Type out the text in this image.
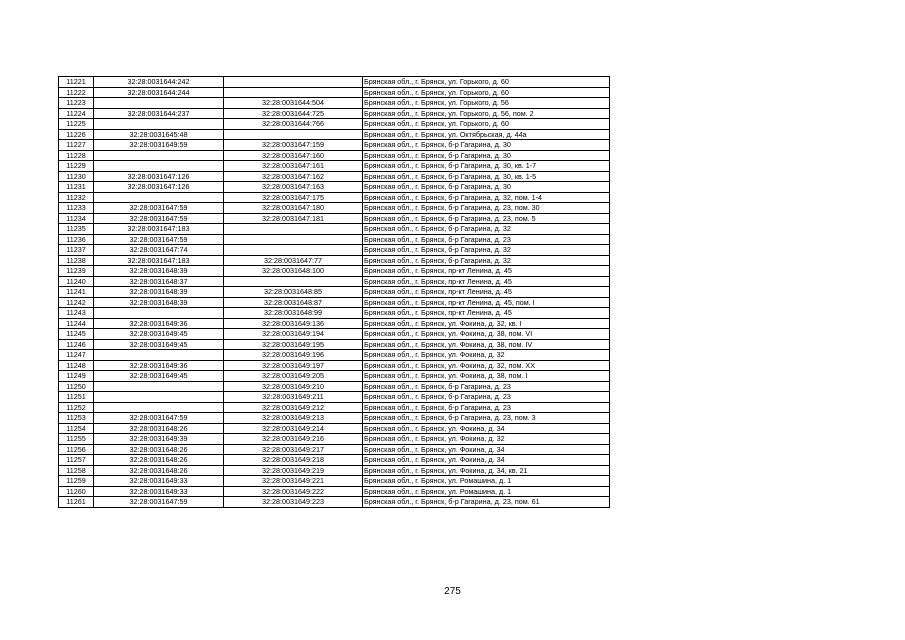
11221	32:28:0031644:242		Брянская обл., г. Брянск, ул. Горького, д. 60
11222	32:28:0031644:244		Брянская обл., г. Брянск, ул. Горького, д. 60
11223		32:28:0031644:504	Брянская обл., г. Брянск, ул. Горького, д. 56
11224	32:28:0031644:237	32:28:0031644:725	Брянская обл., г. Брянск, ул. Горького, д. 56, пом. 2
11225		32:28:0031644:766	Брянская обл., г. Брянск, ул. Горького, д. 60
11226	32:28:0031645:48		Брянская обл., г. Брянск, ул. Октябрьская, д. 44а
11227	32:28:0031649:59	32:28:0031647:159	Брянская обл., г. Брянск, б-р Гагарина, д. 30
11228		32:28:0031647:160	Брянская обл., г. Брянск, б-р Гагарина, д. 30
11229		32:28:0031647:161	Брянская обл., г. Брянск, б-р Гагарина, д. 30, кв. 1-7
11230	32:28:0031647:126	32:28:0031647:162	Брянская обл., г. Брянск, б-р Гагарина, д. 30, кв. 1-5
11231	32:28:0031647:126	32:28:0031647:163	Брянская обл., г. Брянск, б-р Гагарина, д. 30
11232		32:28:0031647:175	Брянская обл., г. Брянск, б-р Гагарина, д. 32, пом. 1-4
11233	32:28:0031647:59	32:28:0031647:180	Брянская обл., г. Брянск, б-р Гагарина, д. 23, пом. 30
11234	32:28:0031647:59	32:28:0031647:181	Брянская обл., г. Брянск, б-р Гагарина, д. 23, пом. 5
11235	32:28:0031647:183		Брянская обл., г. Брянск, б-р Гагарина, д. 32
11236	32:28:0031647:59		Брянская обл., г. Брянск, б-р Гагарина, д. 23
11237	32:28:0031647:74		Брянская обл., г. Брянск, б-р Гагарина, д. 32
11238	32:28:0031647:183	32:28:0031647:77	Брянская обл., г. Брянск, б-р Гагарина, д. 32
11239	32:28:0031648:39	32:28:0031648:100	Брянская обл., г. Брянск, пр-кт Ленина, д. 45
11240	32:28:0031648:37		Брянская обл., г. Брянск, пр-кт Ленина, д. 45
11241	32:28:0031648:39	32:28:0031648:85	Брянская обл., г. Брянск, пр-кт Ленина, д. 45
11242	32:28:0031648:39	32:28:0031648:87	Брянская обл., г. Брянск, пр-кт Ленина, д. 45, пом. I
11243		32:28:0031648:99	Брянская обл., г. Брянск, пр-кт Ленина, д. 45
11244	32:28:0031649:36	32:28:0031649:136	Брянская обл., г. Брянск, ул. Фокина, д. 32, кв. I
11245	32:28:0031649:45	32:28:0031649:194	Брянская обл., г. Брянск, ул. Фокина, д. 38, пом. VI
11246	32:28:0031649:45	32:28:0031649:195	Брянская обл., г. Брянск, ул. Фокина, д. 38, пом. IV
11247		32:28:0031649:196	Брянская обл., г. Брянск, ул. Фокина, д. 32
11248	32:28:0031649:36	32:28:0031649:197	Брянская обл., г. Брянск, ул. Фокина, д. 32, пом. XX
11249	32:28:0031649:45	32:28:0031649:205	Брянская обл., г. Брянск, ул. Фокина, д. 38, пом. I
11250		32:28:0031649:210	Брянская обл., г. Брянск, б-р Гагарина, д. 23
11251		32:28:0031649:211	Брянская обл., г. Брянск, б-р Гагарина, д. 23
11252		32:28:0031649:212	Брянская обл., г. Брянск, б-р Гагарина, д. 23
11253	32:28:0031647:59	32:28:0031649:213	Брянская обл., г. Брянск, б-р Гагарина, д. 23, пом. 3
11254	32:28:0031648:26	32:28:0031649:214	Брянская обл., г. Брянск, ул. Фокина, д. 34
11255	32:28:0031649:39	32:28:0031649:216	Брянская обл., г. Брянск, ул. Фокина, д. 32
11256	32:28:0031648:26	32:28:0031649:217	Брянская обл., г. Брянск, ул. Фокина, д. 34
11257	32:28:0031648:26	32:28:0031649:218	Брянская обл., г. Брянск, ул. Фокина, д. 34
11258	32:28:0031648:26	32:28:0031649:219	Брянская обл., г. Брянск, ул. Фокина, д. 34, кв. 21
11259	32:28:0031649:33	32:28:0031649:221	Брянская обл., г. Брянск, ул. Ромашина, д. 1
11260	32:28:0031649:33	32:28:0031649:222	Брянская обл., г. Брянск, ул. Ромашина, д. 1
11261	32:28:0031647:59	32:28:0031649:223	Брянская обл., г. Брянск, б-р Гагарина, д. 23, пом. 61
275
